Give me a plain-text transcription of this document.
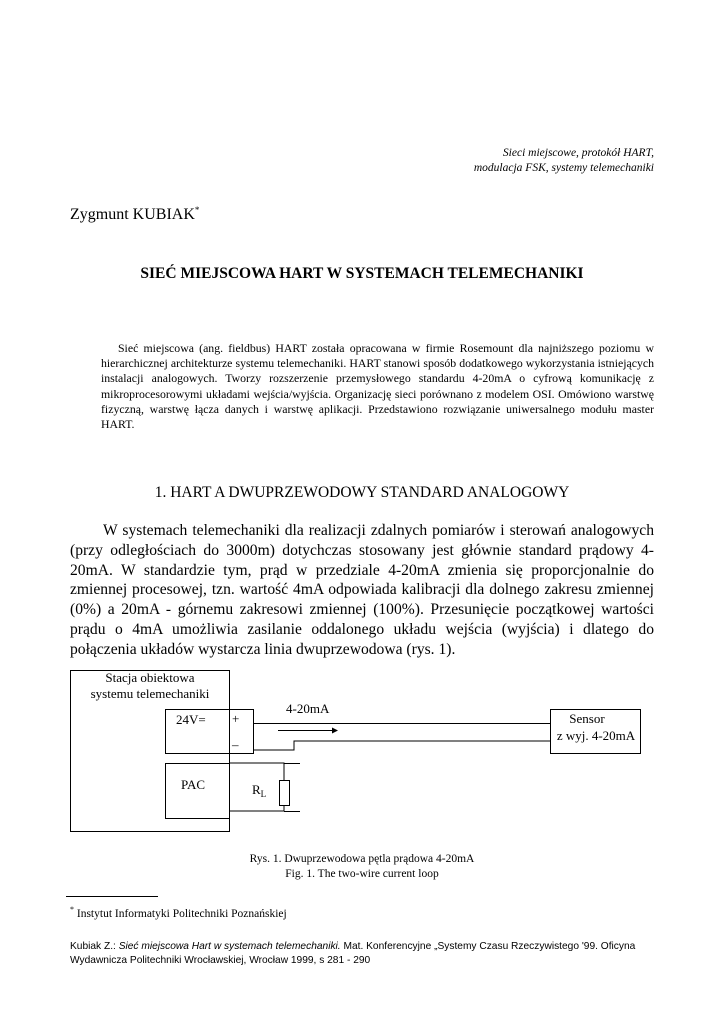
Sieci miejscowe, protokół HART,
modulacja FSK, systemy telemechaniki
Zygmunt KUBIAK*
SIEĆ MIEJSCOWA HART W SYSTEMACH TELEMECHANIKI
Sieć miejscowa (ang. fieldbus) HART została opracowana w firmie Rosemount dla najniższego poziomu w hierarchicznej architekturze systemu telemechaniki. HART stanowi sposób dodatkowego wykorzystania istniejących instalacji analogowych. Tworzy rozszerzenie przemysłowego standardu 4-20mA o cyfrową komunikację z mikroprocesorowymi układami wejścia/wyjścia. Organizację sieci porównano z modelem OSI. Omówiono warstwę fizyczną, warstwę łącza danych i warstwę aplikacji. Przedstawiono rozwiązanie uniwersalnego modułu master HART.
1. HART A DWUPRZEWODOWY STANDARD ANALOGOWY
W systemach telemechaniki dla realizacji zdalnych pomiarów i sterowań analogowych (przy odległościach do 3000m) dotychczas stosowany jest głównie standard prądowy 4-20mA. W standardzie tym, prąd w przedziale 4-20mA zmienia się proporcjonalnie do zmiennej procesowej, tzn. wartość 4mA odpowiada kalibracji dla dolnego zakresu zmiennej (0%) a 20mA - górnemu zakresowi zmiennej (100%). Przesunięcie początkowej wartości prądu o 4mA umożliwia zasilanie oddalonego układu wejścia (wyjścia) i dlatego do połączenia układów wystarcza linia dwuprzewodowa (rys. 1).
Stacja obiektowa
systemu telemechaniki
24V= +
–
PAC
Sensor
z wyj. 4-20mA
4-20mA
$R_L$
Rys. 1. Dwuprzewodowa pętla prądowa 4-20mA
Fig. 1. The two-wire current loop
* Instytut Informatyki Politechniki Poznańskiej
Kubiak Z.: Sieć miejscowa Hart w systemach telemechaniki. Mat. Konferencyjne „Systemy Czasu Rzeczywistego '99. Oficyna Wydawnicza Politechniki Wrocławskiej, Wrocław 1999, s 281 - 290
